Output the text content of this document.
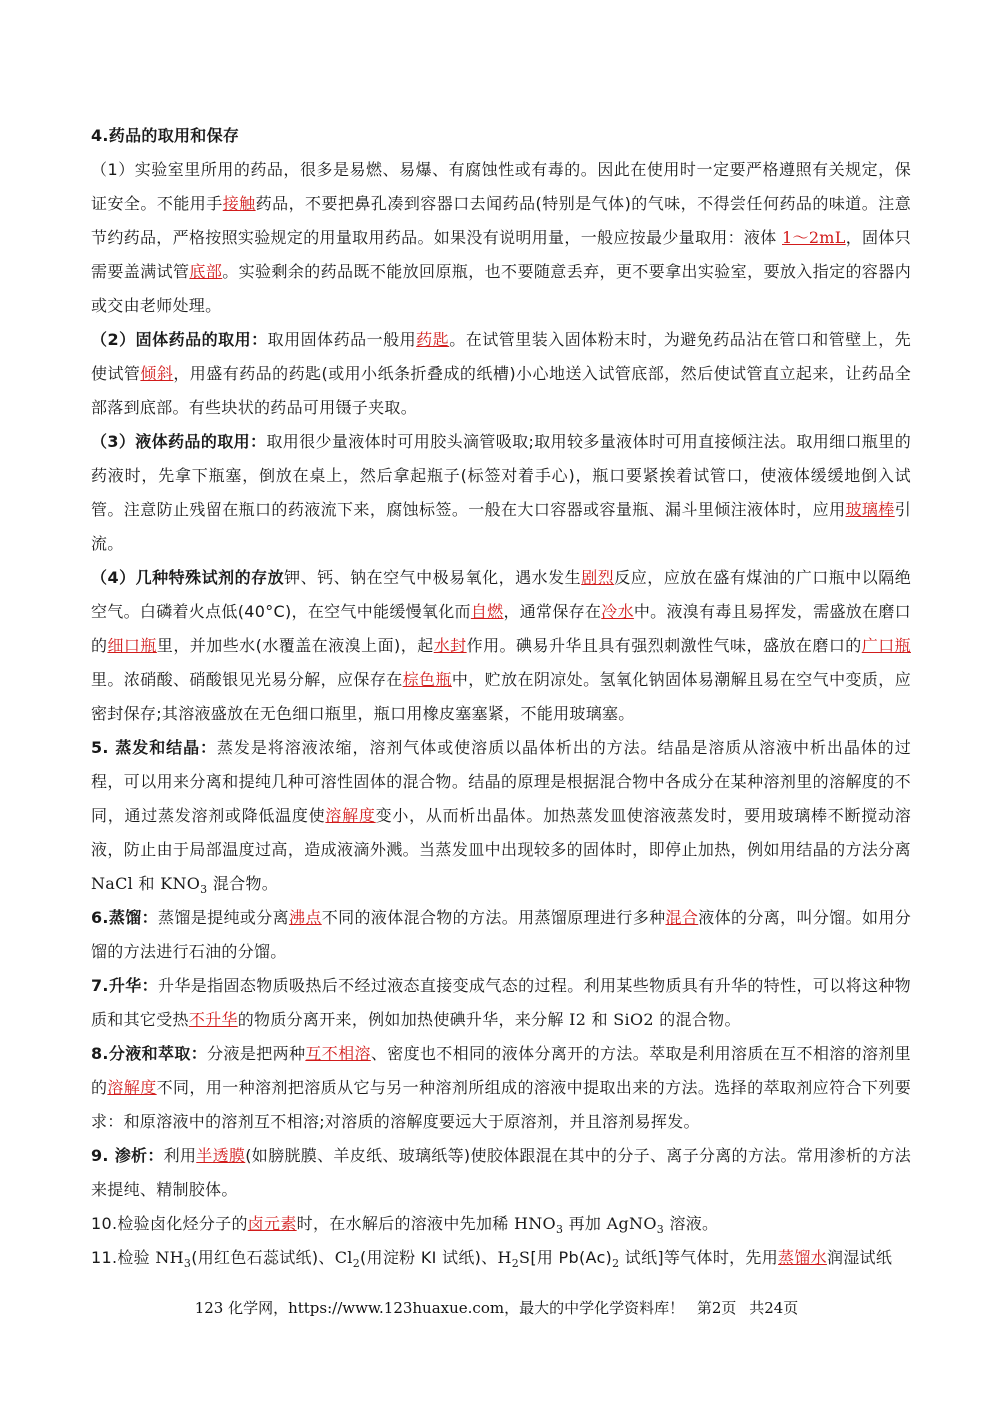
4.药品的取用和保存

（1）实验室里所用的药品，很多是易燃、易爆、有腐蚀性或有毒的。因此在使用时一定要严格遵照有关规定，保证安全。不能用手接触药品，不要把鼻孔凑到容器口去闻药品(特别是气体)的气味，不得尝任何药品的味道。注意节约药品，严格按照实验规定的用量取用药品。如果没有说明用量，一般应按最少量取用：液体 1～2mL，固体只需要盖满试管底部。实验剩余的药品既不能放回原瓶，也不要随意丢弃，更不要拿出实验室，要放入指定的容器内或交由老师处理。

（2）固体药品的取用：取用固体药品一般用药匙。在试管里装入固体粉末时，为避免药品沾在管口和管壁上，先使试管倾斜，用盛有药品的药匙(或用小纸条折叠成的纸槽)小心地送入试管底部，然后使试管直立起来，让药品全部落到底部。有些块状的药品可用镊子夹取。

（3）液体药品的取用：取用很少量液体时可用胶头滴管吸取;取用较多量液体时可用直接倾注法。取用细口瓶里的药液时，先拿下瓶塞，倒放在桌上，然后拿起瓶子(标签对着手心)，瓶口要紧挨着试管口，使液体缓缓地倒入试管。注意防止残留在瓶口的药液流下来，腐蚀标签。一般在大口容器或容量瓶、漏斗里倾注液体时，应用玻璃棒引流。

（4）几种特殊试剂的存放钾、钙、钠在空气中极易氧化，遇水发生剧烈反应，应放在盛有煤油的广口瓶中以隔绝空气。白磷着火点低(40°C)，在空气中能缓慢氧化而自燃，通常保存在冷水中。液溴有毒且易挥发，需盛放在磨口的细口瓶里，并加些水(水覆盖在液溴上面)，起水封作用。碘易升华且具有强烈刺激性气味，盛放在磨口的广口瓶里。浓硝酸、硝酸银见光易分解，应保存在棕色瓶中，贮放在阴凉处。氢氧化钠固体易潮解且易在空气中变质，应密封保存;其溶液盛放在无色细口瓶里，瓶口用橡皮塞塞紧，不能用玻璃塞。

5. 蒸发和结晶：蒸发是将溶液浓缩，溶剂气体或使溶质以晶体析出的方法。结晶是溶质从溶液中析出晶体的过程，可以用来分离和提纯几种可溶性固体的混合物。结晶的原理是根据混合物中各成分在某种溶剂里的溶解度的不同，通过蒸发溶剂或降低温度使溶解度变小，从而析出晶体。加热蒸发皿使溶液蒸发时，要用玻璃棒不断搅动溶液，防止由于局部温度过高，造成液滴外溅。当蒸发皿中出现较多的固体时，即停止加热，例如用结晶的方法分离 NaCl 和 $KNO_3$ 混合物。

6.蒸馏：蒸馏是提纯或分离沸点不同的液体混合物的方法。用蒸馏原理进行多种混合液体的分离，叫分馏。如用分馏的方法进行石油的分馏。

7.升华：升华是指固态物质吸热后不经过液态直接变成气态的过程。利用某些物质具有升华的特性，可以将这种物质和其它受热不升华的物质分离开来，例如加热使碘升华，来分解 I2 和 SiO2 的混合物。

8.分液和萃取：分液是把两种互不相溶、密度也不相同的液体分离开的方法。萃取是利用溶质在互不相溶的溶剂里的溶解度不同，用一种溶剂把溶质从它与另一种溶剂所组成的溶液中提取出来的方法。选择的萃取剂应符合下列要求：和原溶液中的溶剂互不相溶;对溶质的溶解度要远大于原溶剂，并且溶剂易挥发。

9. 渗析：利用半透膜(如膀胱膜、羊皮纸、玻璃纸等)使胶体跟混在其中的分子、离子分离的方法。常用渗析的方法来提纯、精制胶体。

10.检验卤化烃分子的卤元素时，在水解后的溶液中先加稀 $HNO_3$ 再加 AgNO$_3$ 溶液。

11.检验 $NH_3$(用红色石蕊试纸)、$Cl_2$(用淀粉 KI 试纸)、$H_2S$[用 $Pb(Ac)_2$ 试纸]等气体时，先用蒸馏水润湿试纸

123 化学网，https://www.123huaxue.com，最大的中学化学资料库！ 第2页 共24页
